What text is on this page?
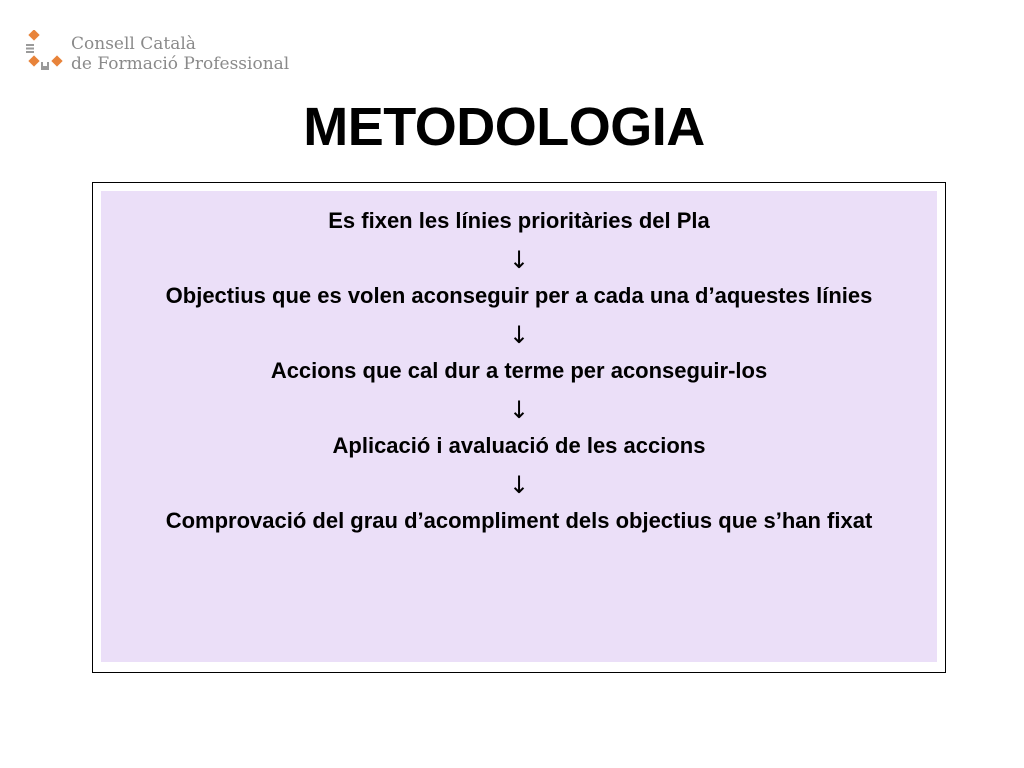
Consell Català
de Formació Professional
METODOLOGIA

Es fixen les línies prioritàries del Pla

↓

Objectius que es volen aconseguir per a cada una d’aquestes línies

↓

Accions que cal dur a terme per aconseguir-los

↓

Aplicació i avaluació de les accions

↓

Comprovació del grau d’acompliment dels objectius que s’han fixat
